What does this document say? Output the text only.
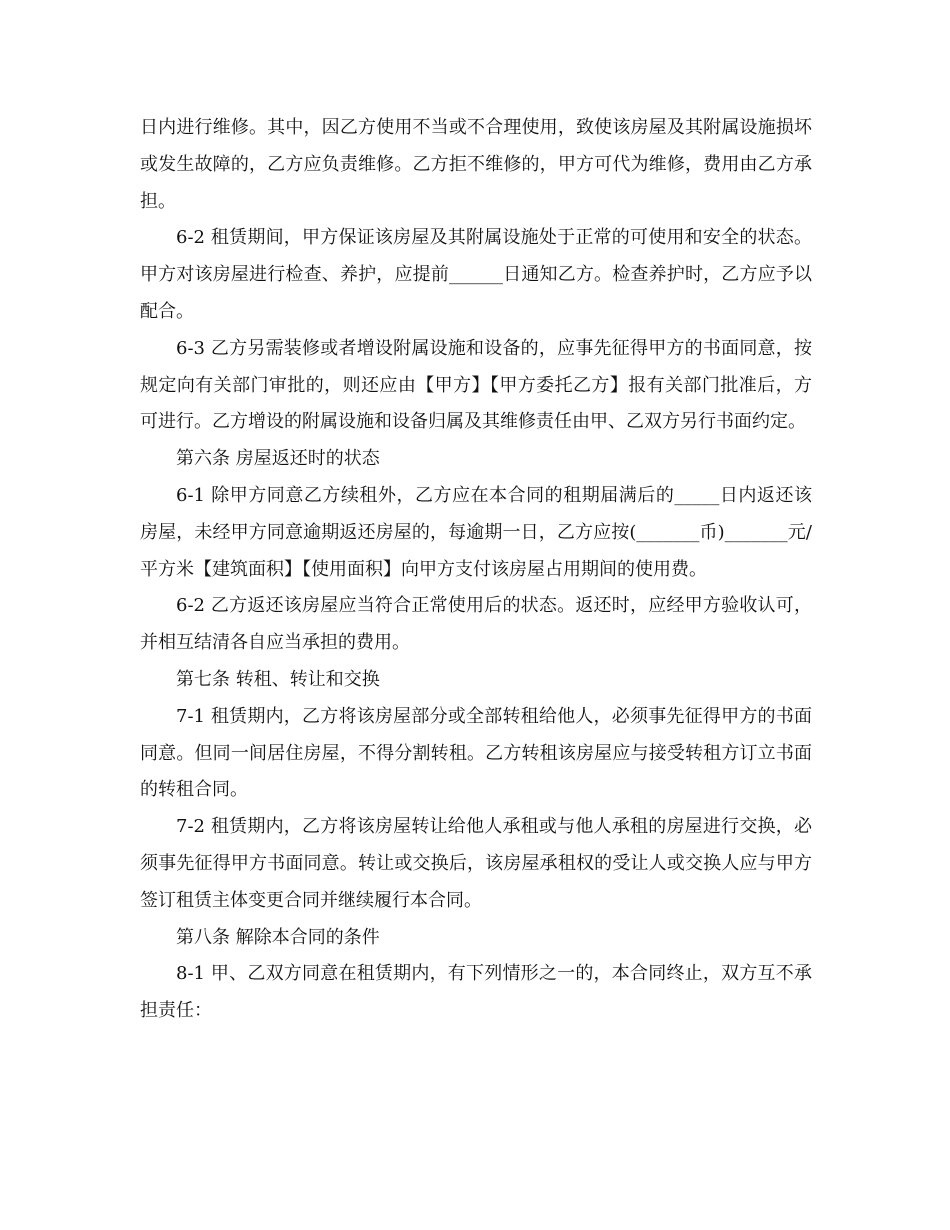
日内进行维修。其中，因乙方使用不当或不合理使用，致使该房屋及其附属设施损坏或发生故障的，乙方应负责维修。乙方拒不维修的，甲方可代为维修，费用由乙方承担。

6-2 租赁期间，甲方保证该房屋及其附属设施处于正常的可使用和安全的状态。甲方对该房屋进行检查、养护，应提前______日通知乙方。检查养护时，乙方应予以配合。

6-3 乙方另需装修或者增设附属设施和设备的，应事先征得甲方的书面同意，按规定向有关部门审批的，则还应由【甲方】【甲方委托乙方】报有关部门批准后，方可进行。乙方增设的附属设施和设备归属及其维修责任由甲、乙双方另行书面约定。

第六条 房屋返还时的状态

6-1 除甲方同意乙方续租外，乙方应在本合同的租期届满后的_____日内返还该房屋，未经甲方同意逾期返还房屋的，每逾期一日，乙方应按(_______币)_______元/平方米【建筑面积】【使用面积】向甲方支付该房屋占用期间的使用费。

6-2 乙方返还该房屋应当符合正常使用后的状态。返还时，应经甲方验收认可，并相互结清各自应当承担的费用。

第七条 转租、转让和交换

7-1 租赁期内，乙方将该房屋部分或全部转租给他人，必须事先征得甲方的书面同意。但同一间居住房屋，不得分割转租。乙方转租该房屋应与接受转租方订立书面的转租合同。

7-2 租赁期内，乙方将该房屋转让给他人承租或与他人承租的房屋进行交换，必须事先征得甲方书面同意。转让或交换后，该房屋承租权的受让人或交换人应与甲方签订租赁主体变更合同并继续履行本合同。

第八条 解除本合同的条件

8-1 甲、乙双方同意在租赁期内，有下列情形之一的，本合同终止，双方互不承担责任：
